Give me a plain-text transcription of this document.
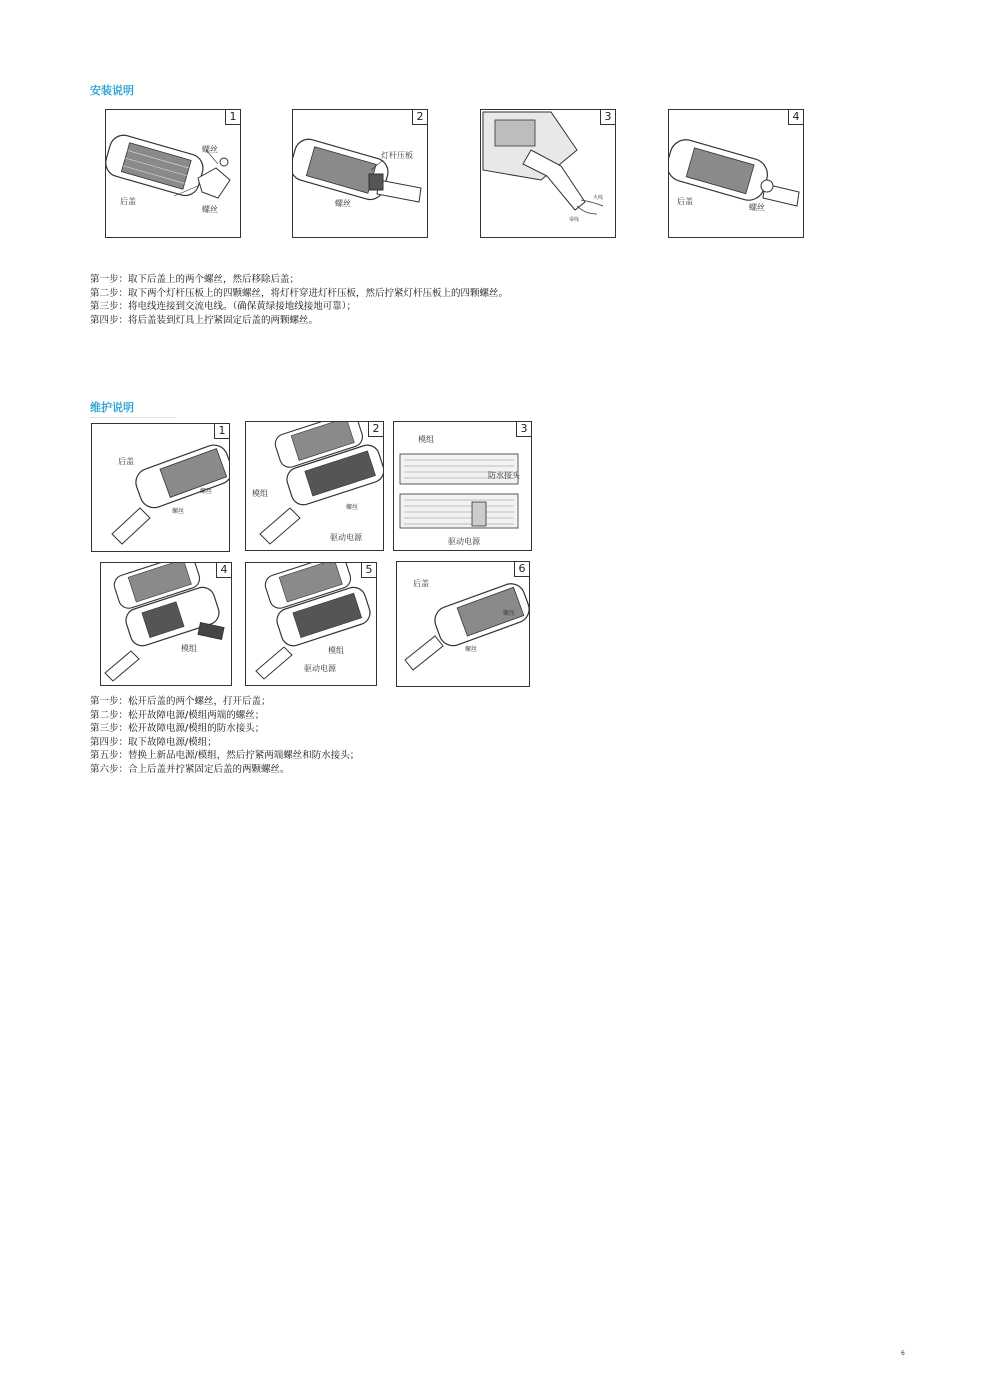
安装说明
1
螺丝
后盖
螺丝
2
灯杆压板
螺丝
3
火线
零线
4
后盖
螺丝
第一步：取下后盖上的两个螺丝，然后移除后盖；
第二步：取下两个灯杆压板上的四颗螺丝，将灯杆穿进灯杆压板，然后拧紧灯杆压板上的四颗螺丝。
第三步：将电线连接到交流电线。（确保黄绿接地线接地可靠）；
第四步：将后盖装到灯具上拧紧固定后盖的两颗螺丝。
维护说明
1
后盖
螺丝
螺丝
2
模组
螺丝
驱动电源
3
模组
防水接头
驱动电源
4
模组
5
模组
驱动电源
6
后盖
螺丝
螺丝
第一步：松开后盖的两个螺丝，打开后盖；
第二步：松开故障电源/模组两端的螺丝；
第三步：松开故障电源/模组的防水接头；
第四步：取下故障电源/模组；
第五步：替换上新品电源/模组，然后拧紧两端螺丝和防水接头；
第六步：合上后盖并拧紧固定后盖的两颗螺丝。
6
